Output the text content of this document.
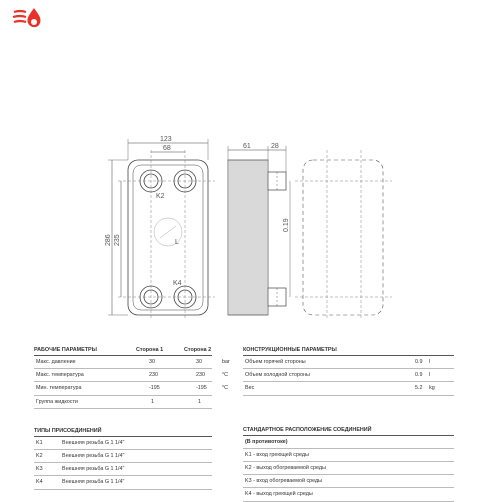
123
68
286 235	L
K2
K4
61	28
0.19
РАБОЧИЕ ПАРАМЕТРЫ	Сторона 1	Сторона 2
Макс. давление	30	30	bar
Макс. температура	230	230	°C
Мин. температура	-195	-195	°C
Группа жидкости	1	1
ТИПЫ ПРИСОЕДИНЕНИЙ
K1	Внешняя резьба G 1 1/4"
K2	Внешняя резьба G 1 1/4"
K3	Внешняя резьба G 1 1/4"
K4	Внешняя резьба G 1 1/4"
КОНСТРУКЦИОННЫЕ ПАРАМЕТРЫ
Объем горячей стороны	0.9 l
Объем холодной стороны	0.9 l
Вес	5.2 kg
СТАНДАРТНОЕ РАСПОЛОЖЕНИЕ СОЕДИНЕНИЙ
(В противотоке)
K1 - вход греющей среды
K2 - выход обогреваемой среды
K3 - вход обогреваемой среды
K4 - выход греющей среды
